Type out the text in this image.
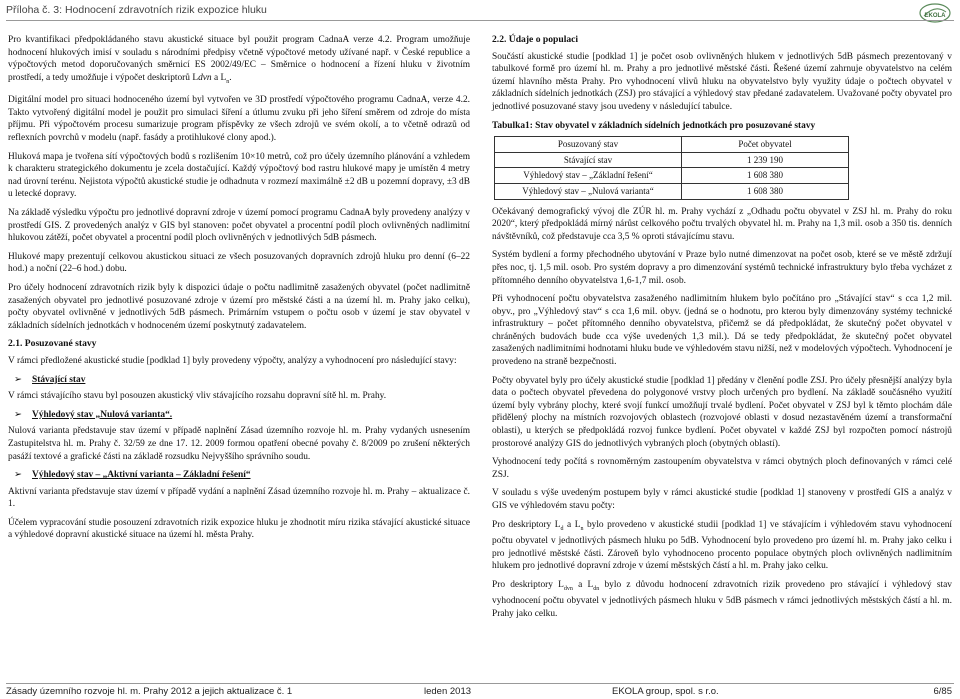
Příloha č. 3: Hodnocení zdravotních rizik expozice hluku	EKOLA

Pro kvantifikaci předpokládaného stavu akustické situace byl použit program CadnaA verze 4.2. Program umožňuje hodnocení hlukových imisí v souladu s národními předpisy včetně výpočtové metody užívané např. v České republice a výpočtových metod doporučovaných směrnicí ES 2002/49/EC – Směrnice o hodnocení a řízení hluku v životním prostředí, a tedy umožňuje i výpočet deskriptorů Ldvn a $L_n$.

Digitální model pro situaci hodnoceného území byl vytvořen ve 3D prostředí výpočtového programu CadnaA, verze 4.2. Takto vytvořený digitální model je použit pro simulaci šíření a útlumu zvuku při jeho šíření směrem od zdroje do místa příjmu. Při výpočtovém procesu sumarizuje program příspěvky ze všech zdrojů ve svém okolí, a to včetně odrazů od reflexních povrchů v modelu (např. fasády a protihlukové clony apod.).

Hluková mapa je tvořena sítí výpočtových bodů s rozlišením 10×10 metrů, což pro účely územního plánování a vzhledem k charakteru strategického dokumentu je zcela dostačující. Každý výpočtový bod rastru hlukové mapy je umístěn 4 metry nad úrovní terénu. Nejistota výpočtů akustické studie je odhadnuta v rozmezí maximálně ±2 dB u pozemní dopravy, ±3 dB u letecké dopravy.

Na základě výsledku výpočtu pro jednotlivé dopravní zdroje v území pomocí programu CadnaA byly provedeny analýzy v prostředí GIS. Z provedených analýz v GIS byl stanoven: počet obyvatel a procentní podíl ploch ovlivněných nadlimitní hlukovou zátěží, počet obyvatel a procentní podíl ploch ovlivněných v jednotlivých 5dB pásmech.

Hlukové mapy prezentují celkovou akustickou situaci ze všech posuzovaných dopravních zdrojů hluku pro denní (6–22 hod.) a noční (22–6 hod.) dobu.

Pro účely hodnocení zdravotních rizik byly k dispozici údaje o počtu nadlimitně zasažených obyvatel (počet nadlimitně zasažených obyvatel pro jednotlivé posuzované zdroje v území pro městské části a na území hl. m. Prahy jako celku), počty obyvatel ovlivněné v jednotlivých 5dB pásmech. Primárním vstupem o počtu osob v území je stav obyvatel v základních sídelních jednotkách v hodnoceném území poskytnutý zadavatelem.

2.1. Posuzované stavy

V rámci předložené akustické studie [podklad 1] byly provedeny výpočty, analýzy a vyhodnocení pro následující stavy:

➢	Stávající stav

V rámci stávajícího stavu byl posouzen akustický vliv stávajícího rozsahu dopravní sítě hl. m. Prahy.

➢	Výhledový stav „Nulová varianta“.

Nulová varianta představuje stav území v případě naplnění Zásad územního rozvoje hl. m. Prahy vydaných usnesením Zastupitelstva hl. m. Prahy č. 32/59 ze dne 17. 12. 2009 formou opatření obecné povahy č. 8/2009 po zrušení některých pasáží textové a grafické části na základě rozsudku Nejvyššího správního soudu.

➢	Výhledový stav – „Aktivní varianta – Základní řešení“

Aktivní varianta představuje stav území v případě vydání a naplnění Zásad územního rozvoje hl. m. Prahy – aktualizace č. 1.

Účelem vypracování studie posouzení zdravotních rizik expozice hluku je zhodnotit míru rizika stávající akustické situace a výhledové dopravní akustické situace na území hl. města Prahy.

2.2. Údaje o populaci

Součástí akustické studie [podklad 1] je počet osob ovlivněných hlukem v jednotlivých 5dB pásmech prezentovaný v tabulkové formě pro území hl. m. Prahy a pro jednotlivé městské části. Řešené území zahrnuje obyvatelstvo na celém území hlavního města Prahy. Pro vyhodnocení vlivů hluku na obyvatelstvo byly využity údaje o počtech obyvatel v základních sídelních jednotkách (ZSJ) pro stávající a výhledový stav předané zadavatelem. Uvažované počty obyvatel pro jednotlivé posuzované stavy jsou uvedeny v následující tabulce.

Tabulka1: Stav obyvatel v základních sídelních jednotkách pro posuzované stavy
Posuzovaný stav	Počet obyvatel
Stávající stav	1 239 190
Výhledový stav – „Základní řešení“	1 608 380
Výhledový stav – „Nulová varianta“	1 608 380

Očekávaný demografický vývoj dle ZÚR hl. m. Prahy vychází z „Odhadu počtu obyvatel v ZSJ hl. m. Prahy do roku 2020“, který předpokládá mírný nárůst celkového počtu trvalých obyvatel hl. m. Prahy na 1,3 mil. osob a 350 tis. denních návštěvníků, což představuje cca 3,5 % oproti stávajícímu stavu.

Systém bydlení a formy přechodného ubytování v Praze bylo nutné dimenzovat na počet osob, které se ve městě zdržují přes noc, tj. 1,5 mil. osob. Pro systém dopravy a pro dimenzování systémů technické infrastruktury bylo třeba vycházet z přítomného denního obyvatelstva 1,6-1,7 mil. osob.

Při vyhodnocení počtu obyvatelstva zasaženého nadlimitním hlukem bylo počítáno pro „Stávající stav“ s cca 1,2 mil. obyv., pro „Výhledový stav“ s cca 1,6 mil. obyv. (jedná se o hodnotu, pro kterou byly dimenzovány systémy technické infrastruktury – počet přítomného denního obyvatelstva, přičemž se dá předpokládat, že skutečný počet obyvatel v chráněných budovách bude cca výše uvedených 1,3 mil.). Dá se tedy předpokládat, že skutečný počet obyvatel zasažených nadlimitními hodnotami hluku bude ve výhledovém stavu nižší, než v modelových výpočtech. Vyhodnocení je provedeno na straně bezpečnosti.

Počty obyvatel byly pro účely akustické studie [podklad 1] předány v členění podle ZSJ. Pro účely přesnější analýzy byla data o počtech obyvatel převedena do polygonové vrstvy ploch určených pro bydlení. Na základě součásného využití území byly vybrány plochy, které svojí funkcí umožňují trvalé bydlení. Počet obyvatel v ZSJ byl k těmto plochám dále přidělený plochy na místních rozvojových oblastech (rozvojové oblasti v dosud nezastavěném území a transformační oblasti), u kterých se předpokládá rozvoj funkce bydlení. Počet obyvatel v každé ZSJ byl rozpočten pomocí nástrojů prostorové analýzy GIS do jednotlivých vybraných ploch (obytných oblastí).

Vyhodnocení tedy počítá s rovnoměrným zastoupením obyvatelstva v rámci obytných ploch definovaných v rámci celé ZSJ.

V souladu s výše uvedeným postupem byly v rámci akustické studie [podklad 1] stanoveny v prostředí GIS a analýz v GIS ve výhledovém stavu počty:

Pro deskriptory $L_d$ a $L_n$ bylo provedeno v akustické studii [podklad 1] ve stávajícím i výhledovém stavu vyhodnocení počtu obyvatel v jednotlivých pásmech hluku po 5dB. Vyhodnocení bylo provedeno pro území hl. m. Prahy jako celku i pro jednotlivé městské části. Zároveň bylo vyhodnoceno procento populace obytných ploch ovlivněných nadlimitním hlukem pro jednotlivé dopravní zdroje v území městských částí a hl. m. Prahy jako celku.

Pro deskriptory $L_{dvn}$ a $L_{dn}$ bylo z důvodu hodnocení zdravotních rizik provedeno pro stávající i výhledový stav vyhodnocení počtu obyvatel v jednotlivých pásmech hluku v 5dB pásmech v rámci jednotlivých městských částí a hl. m. Prahy jako celku.

Zásady územního rozvoje hl. m. Prahy 2012 a jejich aktualizace č. 1	leden 2013	EKOLA group, spol. s r.o.	6/85
